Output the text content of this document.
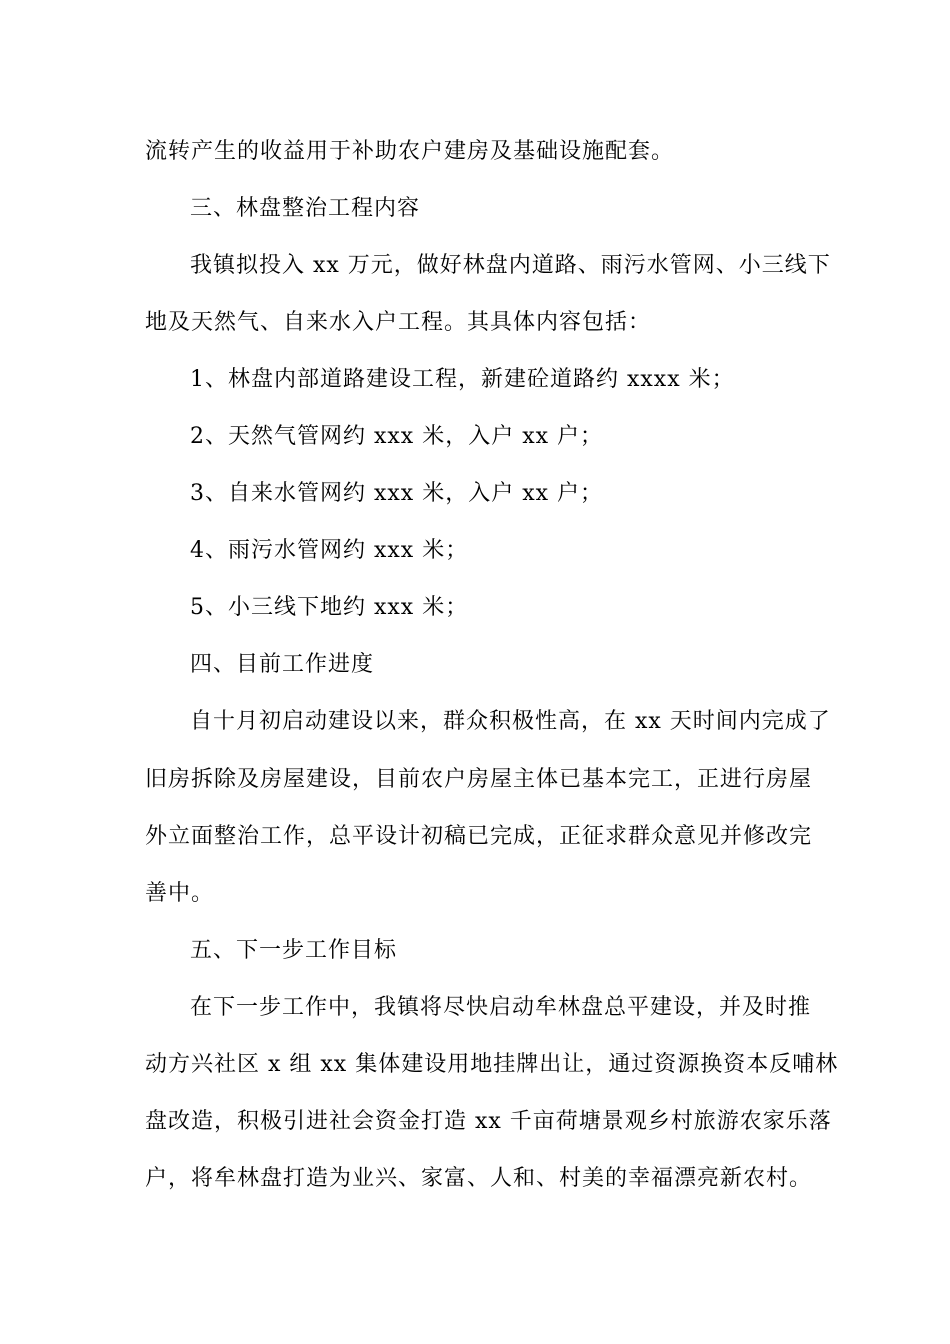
流转产生的收益用于补助农户建房及基础设施配套。
三、林盘整治工程内容
我镇拟投入 xx 万元，做好林盘内道路、雨污水管网、小三线下
地及天然气、自来水入户工程。其具体内容包括：
1、林盘内部道路建设工程，新建砼道路约 xxxx 米；
2、天然气管网约 xxx 米，入户 xx 户；
3、自来水管网约 xxx 米，入户 xx 户；
4、雨污水管网约 xxx 米；
5、小三线下地约 xxx 米；
四、目前工作进度
自十月初启动建设以来，群众积极性高，在 xx 天时间内完成了
旧房拆除及房屋建设，目前农户房屋主体已基本完工，正进行房屋
外立面整治工作，总平设计初稿已完成，正征求群众意见并修改完
善中。
五、下一步工作目标
在下一步工作中，我镇将尽快启动牟林盘总平建设，并及时推
动方兴社区 x 组 xx 集体建设用地挂牌出让，通过资源换资本反哺林
盘改造，积极引进社会资金打造 xx 千亩荷塘景观乡村旅游农家乐落
户，将牟林盘打造为业兴、家富、人和、村美的幸福漂亮新农村。
